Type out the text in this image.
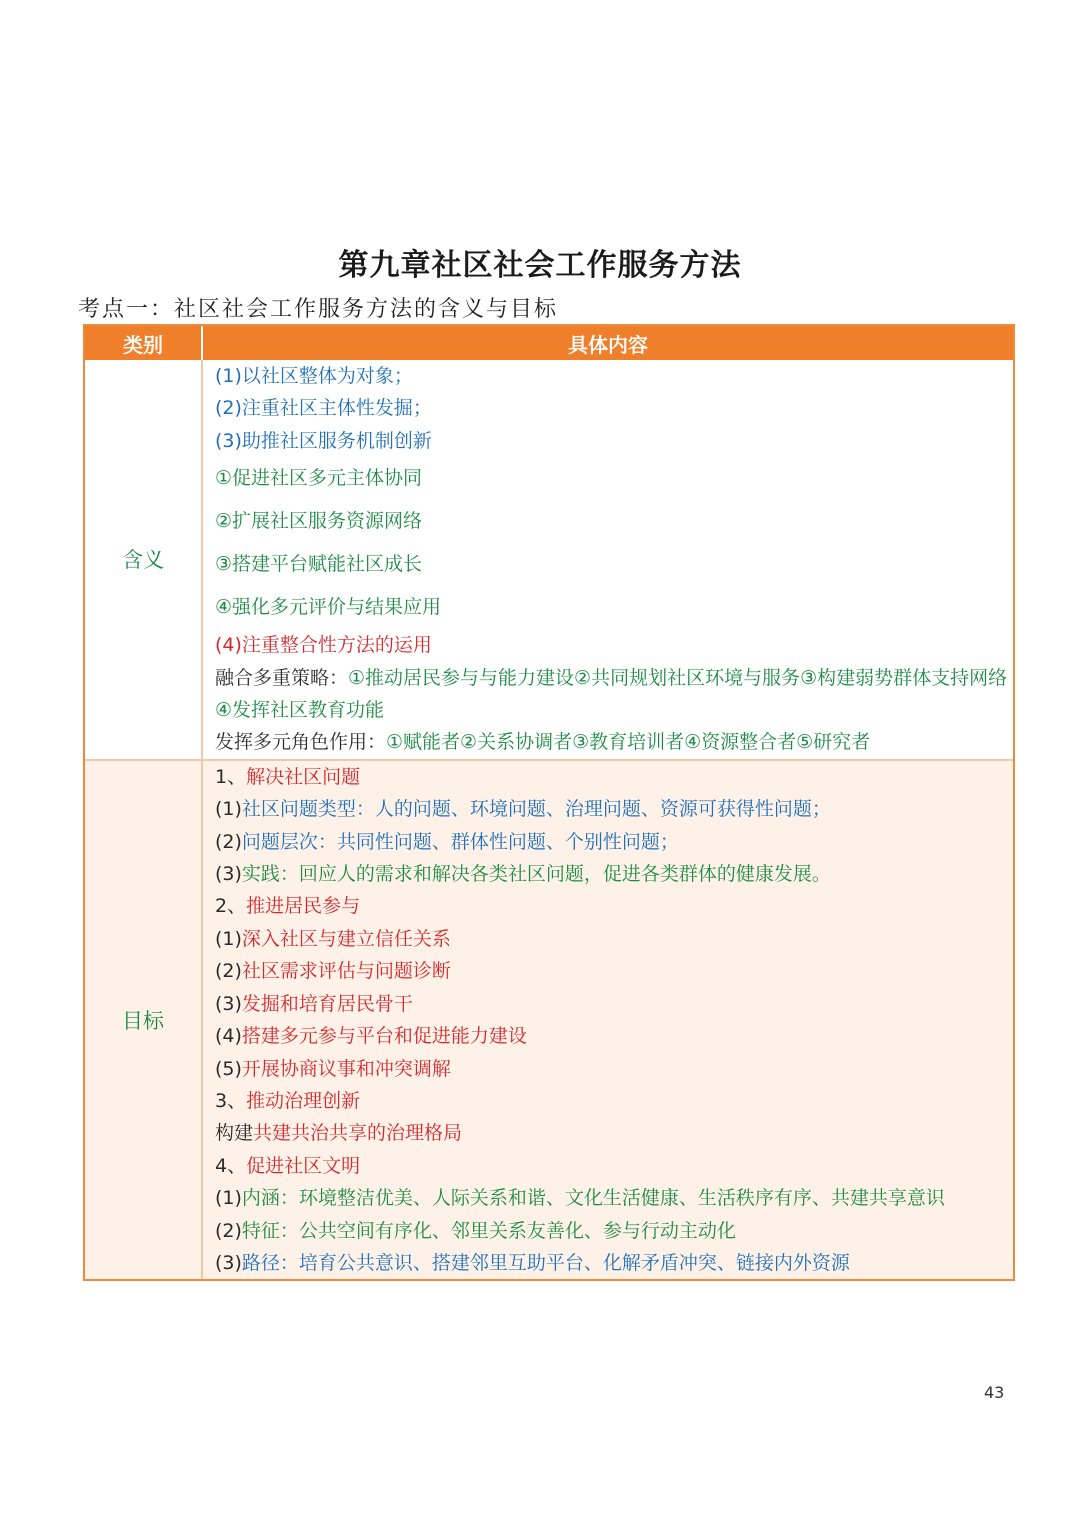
第九章社区社会工作服务方法
考点一：社区社会工作服务方法的含义与目标
类别	具体内容
含义
(1)以社区整体为对象；
(2)注重社区主体性发掘；
(3)助推社区服务机制创新
①促进社区多元主体协同
②扩展社区服务资源网络
③搭建平台赋能社区成长
④强化多元评价与结果应用
(4)注重整合性方法的运用
融合多重策略：①推动居民参与与能力建设②共同规划社区环境与服务③构建弱势群体支持网络④发挥社区教育功能
发挥多元角色作用：①赋能者②关系协调者③教育培训者④资源整合者⑤研究者
目标
1、解决社区问题
(1)社区问题类型：人的问题、环境问题、治理问题、资源可获得性问题；
(2)问题层次：共同性问题、群体性问题、个别性问题；
(3)实践：回应人的需求和解决各类社区问题，促进各类群体的健康发展。
2、推进居民参与
(1)深入社区与建立信任关系
(2)社区需求评估与问题诊断
(3)发掘和培育居民骨干
(4)搭建多元参与平台和促进能力建设
(5)开展协商议事和冲突调解
3、推动治理创新
构建共建共治共享的治理格局
4、促进社区文明
(1)内涵：环境整洁优美、人际关系和谐、文化生活健康、生活秩序有序、共建共享意识
(2)特征：公共空间有序化、邻里关系友善化、参与行动主动化
(3)路径：培育公共意识、搭建邻里互助平台、化解矛盾冲突、链接内外资源
43
